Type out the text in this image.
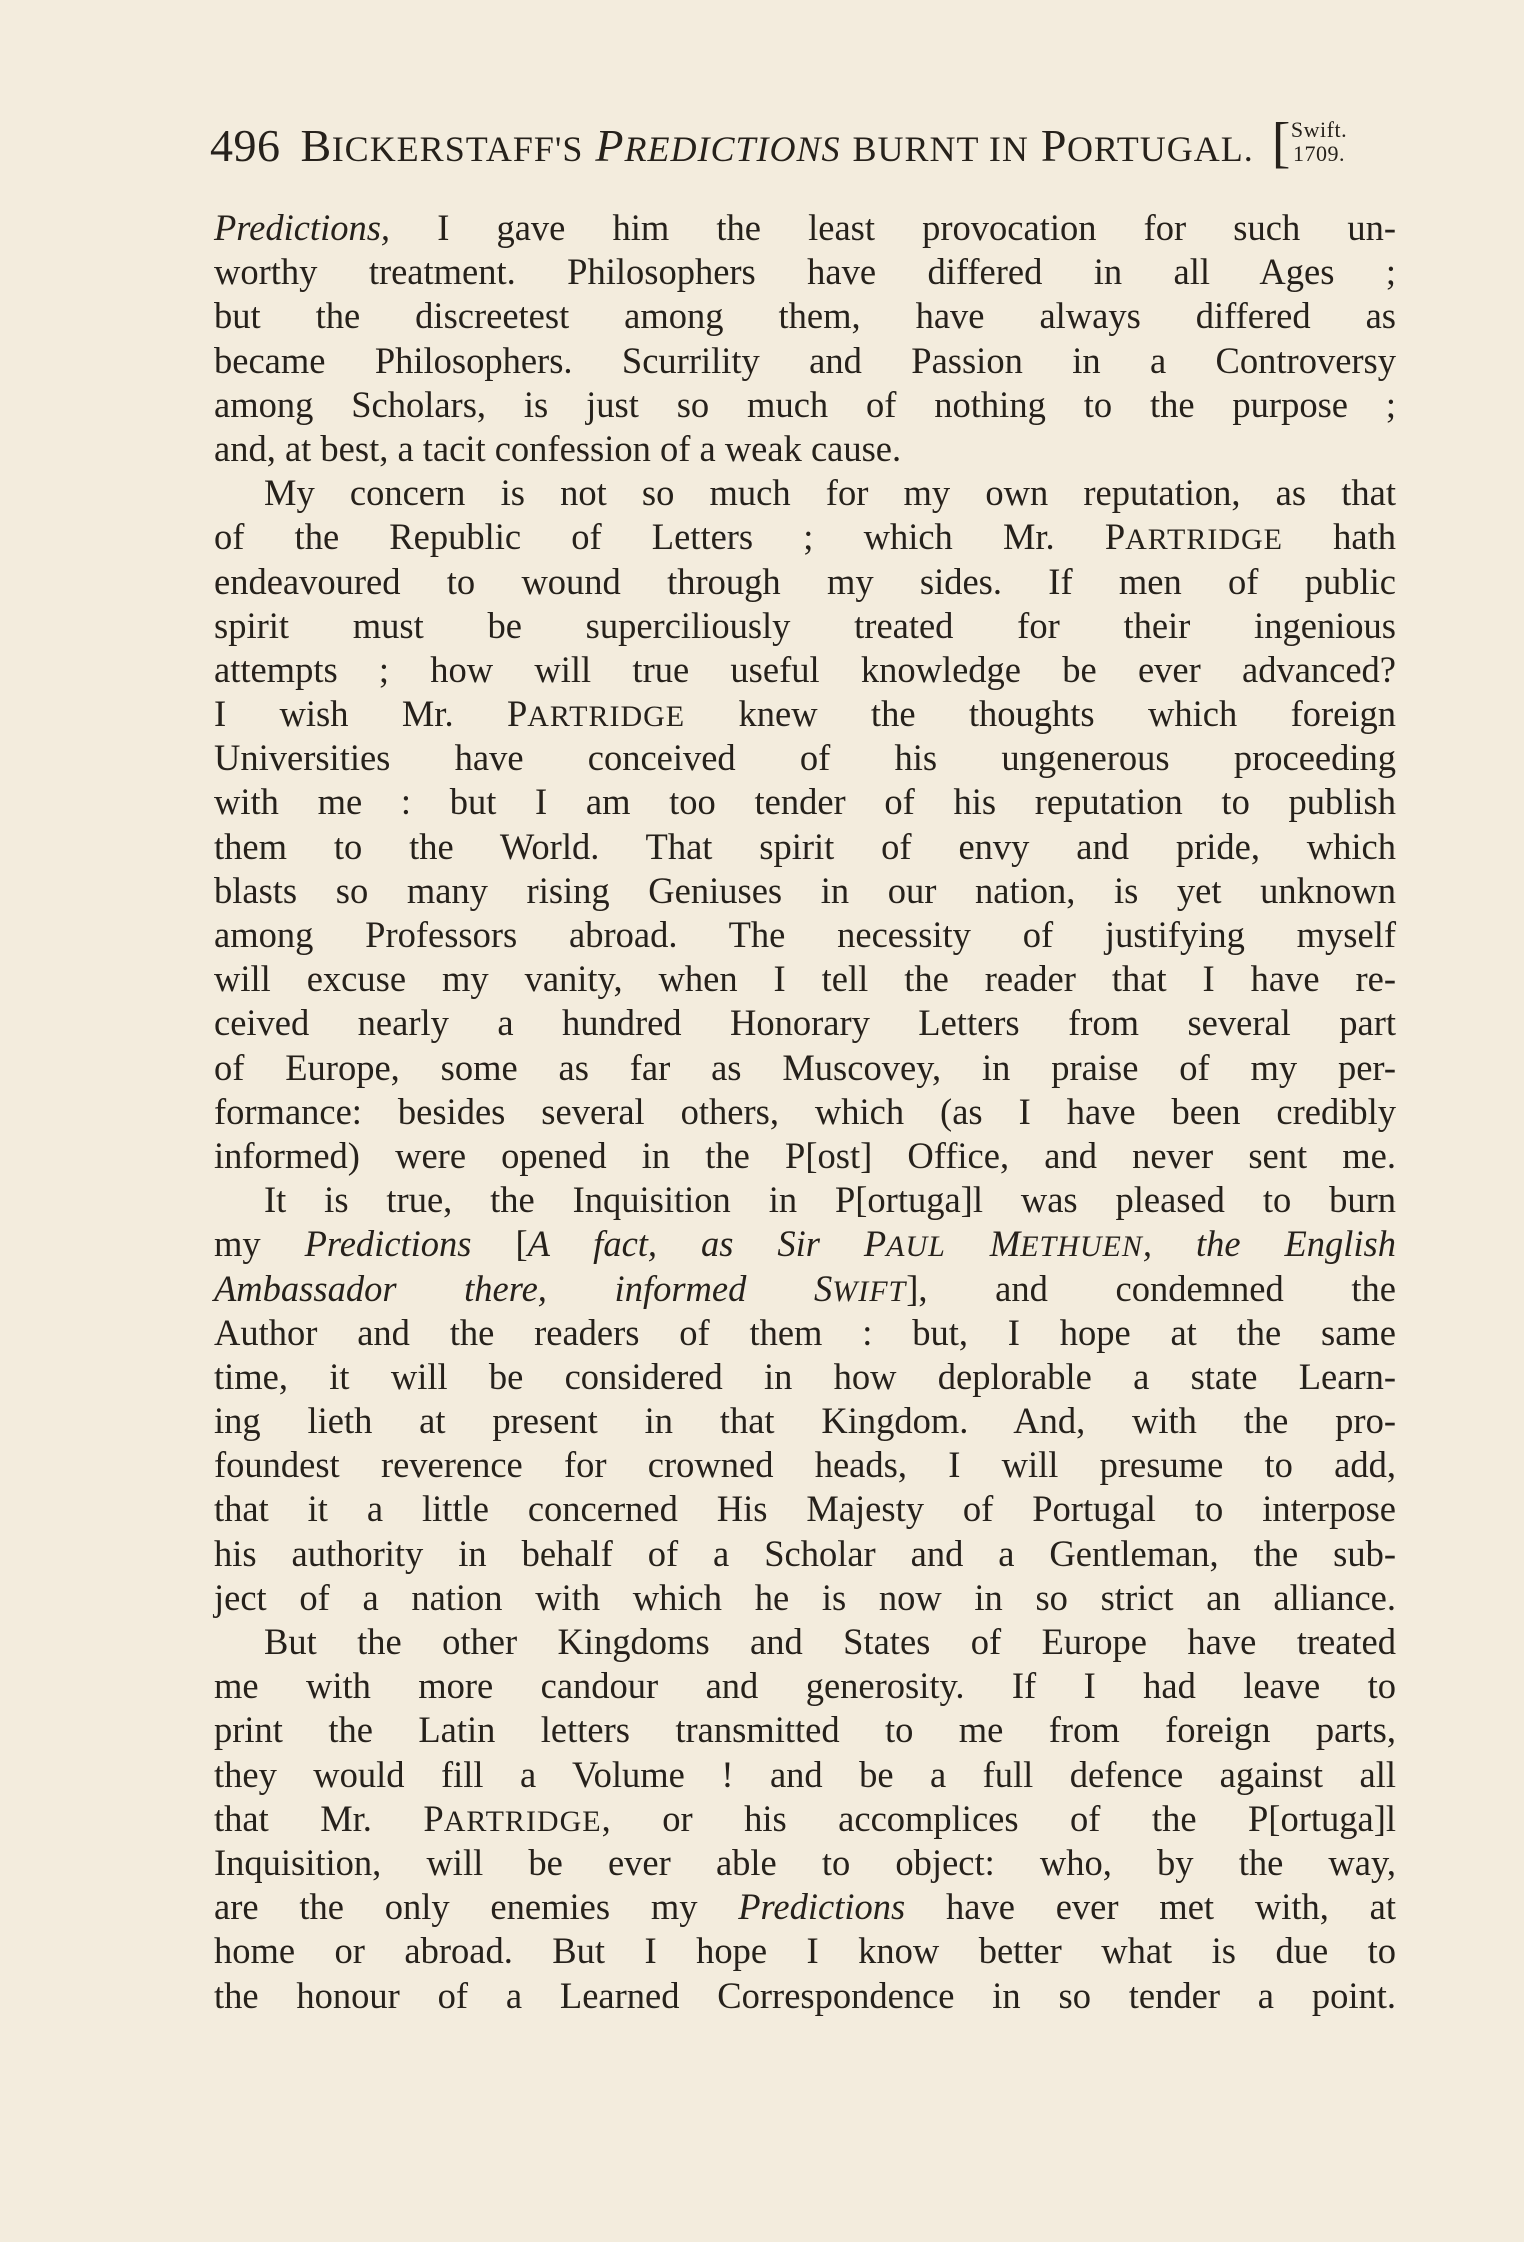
496 BICKERSTAFF'S PREDICTIONS BURNT IN PORTUGAL. [ Swift.
1709.
Predictions, I gave him the least provocation for such un-
worthy treatment. Philosophers have differed in all Ages ;
but the discreetest among them, have always differed as
became Philosophers. Scurrility and Passion in a Controversy
among Scholars, is just so much of nothing to the purpose ;
and, at best, a tacit confession of a weak cause.
My concern is not so much for my own reputation, as that
of the Republic of Letters ; which Mr. PARTRIDGE hath
endeavoured to wound through my sides. If men of public
spirit must be superciliously treated for their ingenious
attempts ; how will true useful knowledge be ever advanced?
I wish Mr. PARTRIDGE knew the thoughts which foreign
Universities have conceived of his ungenerous proceeding
with me : but I am too tender of his reputation to publish
them to the World. That spirit of envy and pride, which
blasts so many rising Geniuses in our nation, is yet unknown
among Professors abroad. The necessity of justifying myself
will excuse my vanity, when I tell the reader that I have re-
ceived nearly a hundred Honorary Letters from several part
of Europe, some as far as Muscovey, in praise of my per-
formance: besides several others, which (as I have been credibly
informed) were opened in the P[ost] Office, and never sent me.
It is true, the Inquisition in P[ortuga]l was pleased to burn
my Predictions [A fact, as Sir PAUL METHUEN, the English
Ambassador there, informed SWIFT], and condemned the
Author and the readers of them : but, I hope at the same
time, it will be considered in how deplorable a state Learn-
ing lieth at present in that Kingdom. And, with the pro-
foundest reverence for crowned heads, I will presume to add,
that it a little concerned His Majesty of Portugal to interpose
his authority in behalf of a Scholar and a Gentleman, the sub-
ject of a nation with which he is now in so strict an alliance.
But the other Kingdoms and States of Europe have treated
me with more candour and generosity. If I had leave to
print the Latin letters transmitted to me from foreign parts,
they would fill a Volume ! and be a full defence against all
that Mr. PARTRIDGE, or his accomplices of the P[ortuga]l
Inquisition, will be ever able to object: who, by the way,
are the only enemies my Predictions have ever met with, at
home or abroad. But I hope I know better what is due to
the honour of a Learned Correspondence in so tender a point.
